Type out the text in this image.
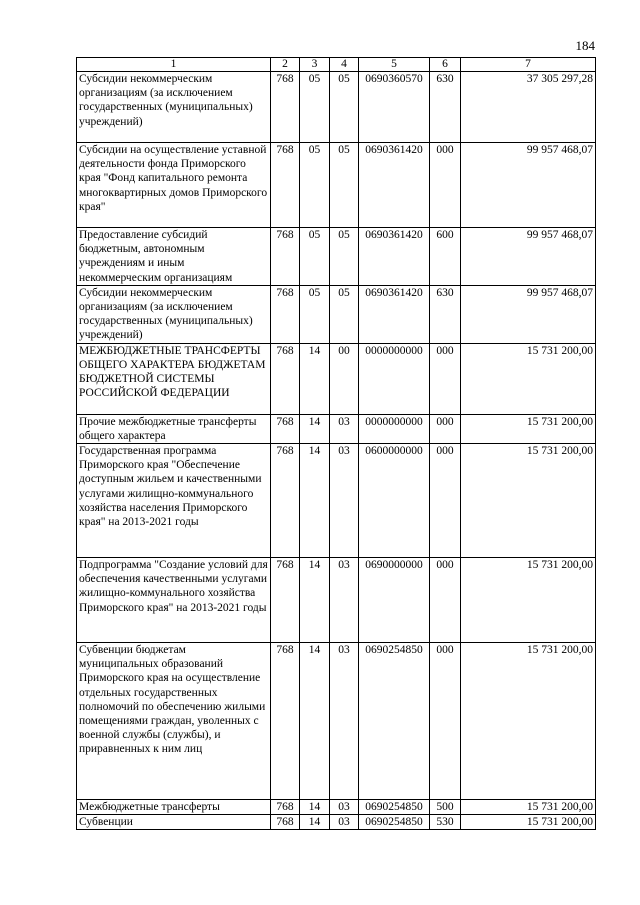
184
1	2	3	4	5	6	7
Субсидии некоммерческим организациям (за исключением государственных (муниципальных) учреждений)	768	05	05	0690360570	630	37 305 297,28
Субсидии на осуществление уставной деятельности фонда Приморского края "Фонд капитального ремонта многоквартирных домов Приморского края"	768	05	05	0690361420	000	99 957 468,07
Предоставление субсидий бюджетным, автономным учреждениям и иным некоммерческим организациям	768	05	05	0690361420	600	99 957 468,07
Субсидии некоммерческим организациям (за исключением государственных (муниципальных) учреждений)	768	05	05	0690361420	630	99 957 468,07
МЕЖБЮДЖЕТНЫЕ ТРАНСФЕРТЫ ОБЩЕГО ХАРАКТЕРА БЮДЖЕТАМ БЮДЖЕТНОЙ СИСТЕМЫ РОССИЙСКОЙ ФЕДЕРАЦИИ	768	14	00	0000000000	000	15 731 200,00
Прочие межбюджетные трансферты общего характера	768	14	03	0000000000	000	15 731 200,00
Государственная программа Приморского края "Обеспечение доступным жильем и качественными услугами жилищно-коммунального хозяйства населения Приморского края" на 2013-2021 годы	768	14	03	0600000000	000	15 731 200,00
Подпрограмма "Создание условий для обеспечения качественными услугами жилищно-коммунального хозяйства Приморского края" на 2013-2021 годы	768	14	03	0690000000	000	15 731 200,00
Субвенции бюджетам муниципальных образований Приморского края на осуществление отдельных государственных полномочий по обеспечению жилыми помещениями граждан, уволенных с военной службы (службы), и приравненных к ним лиц	768	14	03	0690254850	000	15 731 200,00
Межбюджетные трансферты	768	14	03	0690254850	500	15 731 200,00
Субвенции	768	14	03	0690254850	530	15 731 200,00
